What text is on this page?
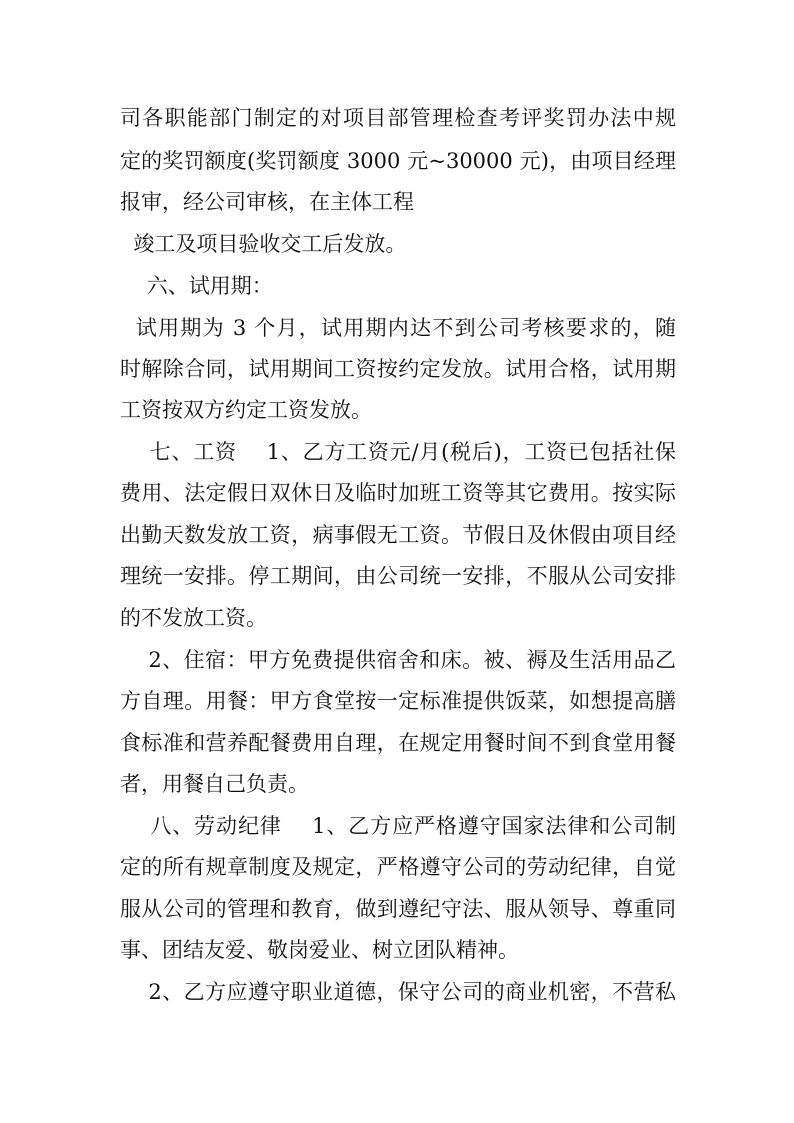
司各职能部门制定的对项目部管理检查考评奖罚办法中规
定的奖罚额度(奖罚额度 3000 元~30000 元)，由项目经理
报审，经公司审核，在主体工程
竣工及项目验收交工后发放。
六、试用期：
试用期为 3 个月，试用期内达不到公司考核要求的，随
时解除合同，试用期间工资按约定发放。试用合格，试用期
工资按双方约定工资发放。
七、工资    1、乙方工资元/月(税后)，工资已包括社保
费用、法定假日双休日及临时加班工资等其它费用。按实际
出勤天数发放工资，病事假无工资。节假日及休假由项目经
理统一安排。停工期间，由公司统一安排，不服从公司安排
的不发放工资。
2、住宿：甲方免费提供宿舍和床。被、褥及生活用品乙
方自理。用餐：甲方食堂按一定标准提供饭菜，如想提高膳
食标准和营养配餐费用自理，在规定用餐时间不到食堂用餐
者，用餐自己负责。
八、劳动纪律    1、乙方应严格遵守国家法律和公司制
定的所有规章制度及规定，严格遵守公司的劳动纪律，自觉
服从公司的管理和教育，做到遵纪守法、服从领导、尊重同
事、团结友爱、敬岗爱业、树立团队精神。
2、乙方应遵守职业道德，保守公司的商业机密，不营私
